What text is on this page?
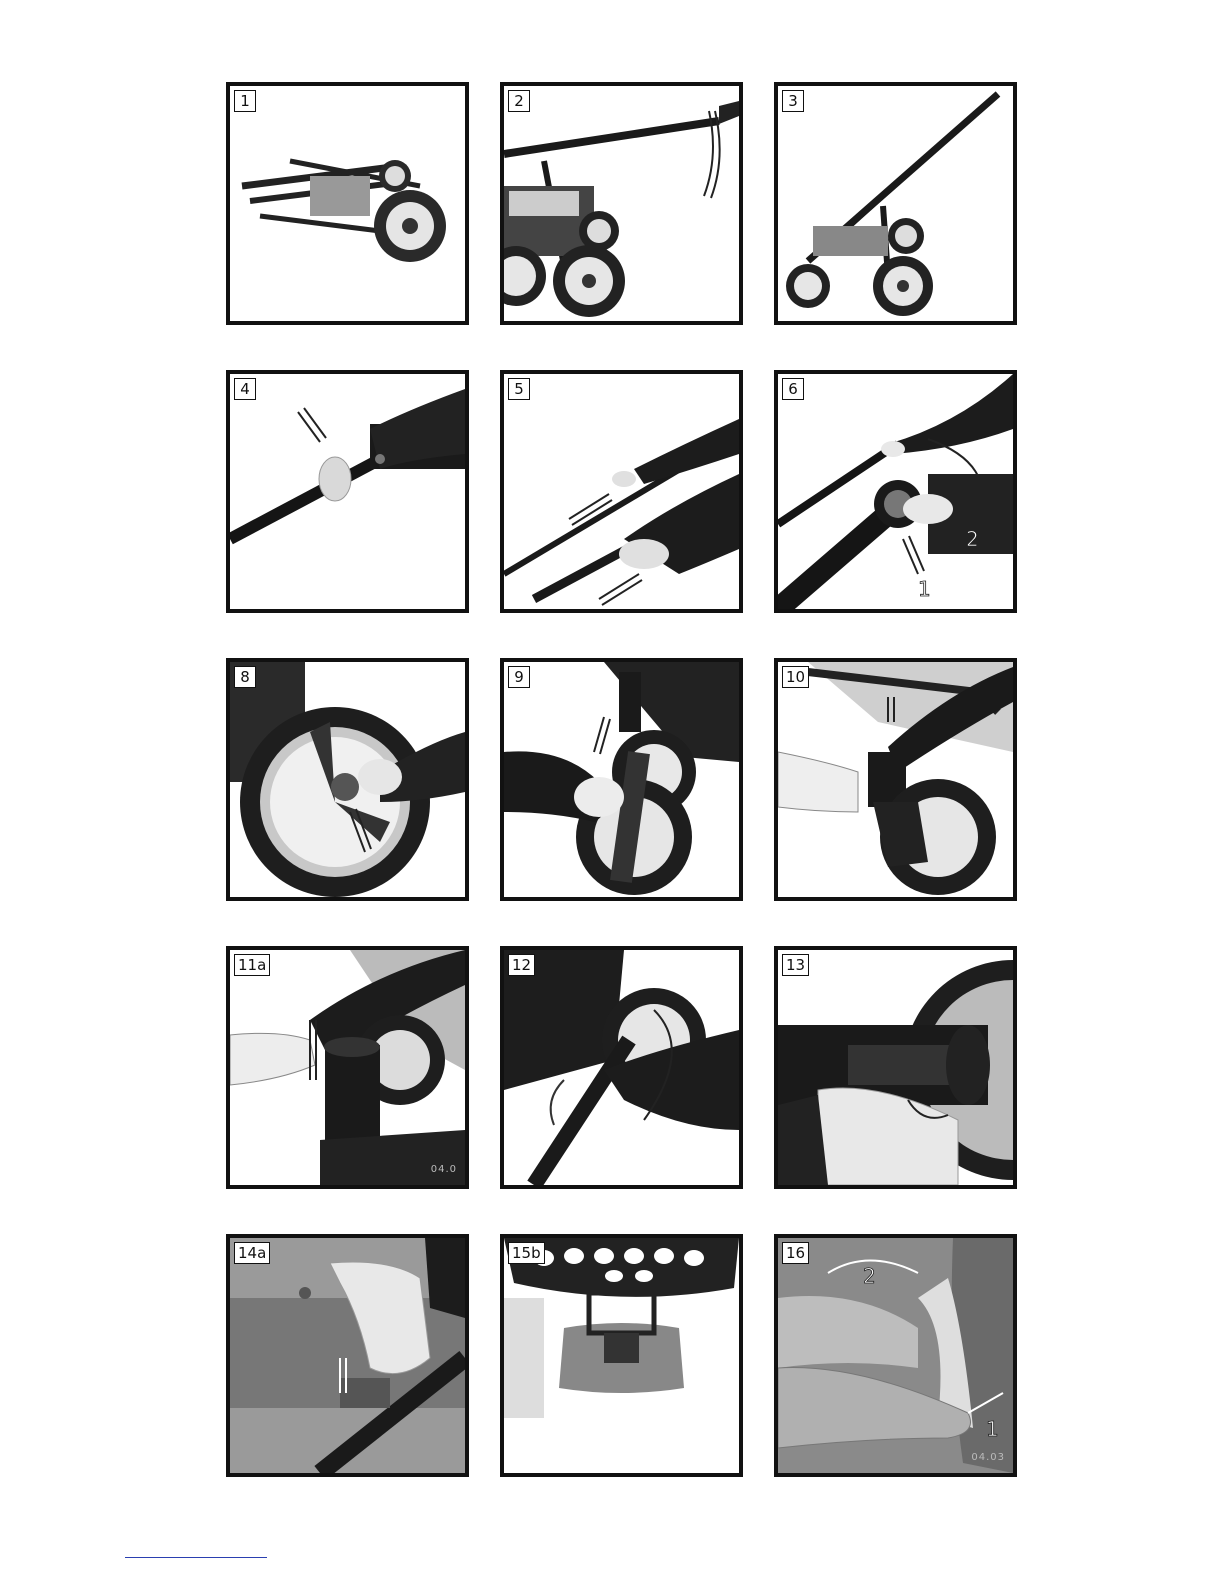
1	2	3
4	5	6
1
2
8	9	10
11a
04.0
12	13
14a	15b	16
2
1
04.03
